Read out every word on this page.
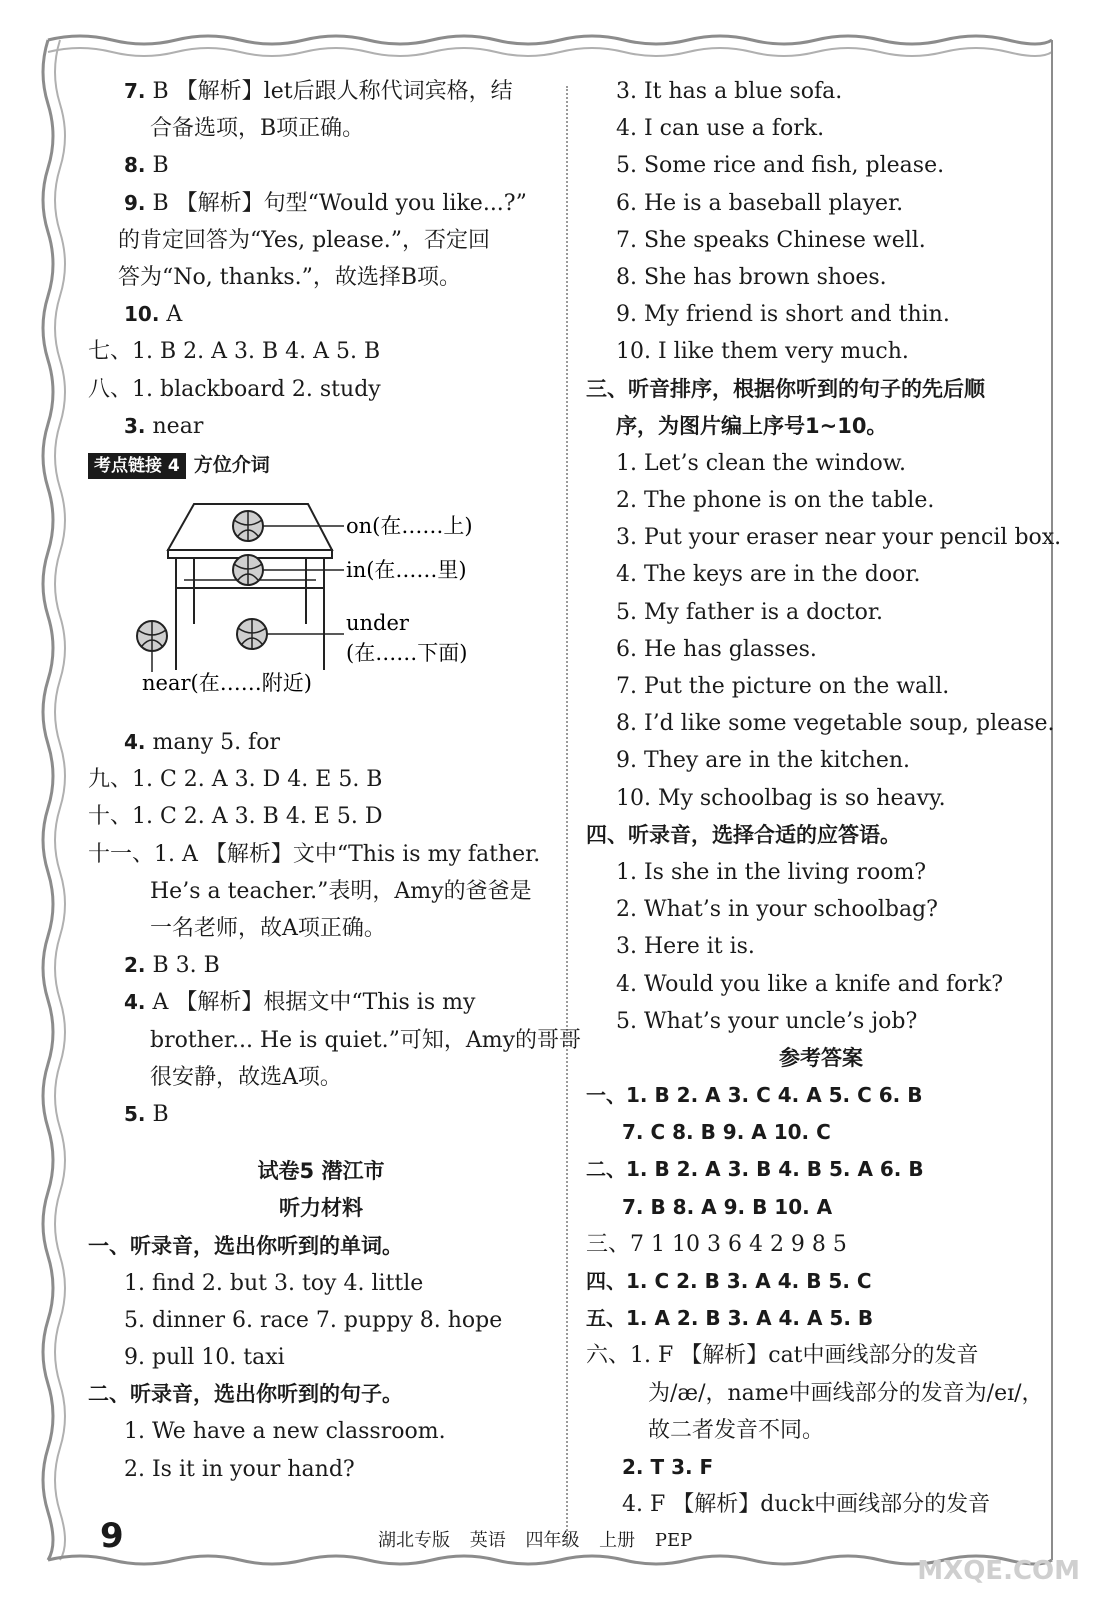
7. B 【解析】let后跟人称代词宾格，结
合备选项，B项正确。
8. B
9. B 【解析】句型“Would you like...?”
的肯定回答为“Yes, please.”，否定回
答为“No, thanks.”，故选择B项。
10. A
七、1. B 2. A 3. B 4. A 5. B
八、1. blackboard 2. study
3. near
考点链接 4 方位介词
on(在……上)
in(在……里)
under
(在……下面)
near(在……附近)
4. many 5. for
九、1. C 2. A 3. D 4. E 5. B
十、1. C 2. A 3. B 4. E 5. D
十一、1. A 【解析】文中“This is my father.
He’s a teacher.”表明，Amy的爸爸是
一名老师，故A项正确。
2. B 3. B
4. A 【解析】根据文中“This is my
brother... He is quiet.”可知，Amy的哥哥
很安静，故选A项。
5. B
试卷5 潜江市
听力材料
一、听录音，选出你听到的单词。
1. find 2. but 3. toy 4. little
5. dinner 6. race 7. puppy 8. hope
9. pull 10. taxi
二、听录音，选出你听到的句子。
1. We have a new classroom.
2. Is it in your hand?
3. It has a blue sofa.
4. I can use a fork.
5. Some rice and fish, please.
6. He is a baseball player.
7. She speaks Chinese well.
8. She has brown shoes.
9. My friend is short and thin.
10. I like them very much.
三、听音排序，根据你听到的句子的先后顺
序，为图片编上序号1~10。
1. Let’s clean the window.
2. The phone is on the table.
3. Put your eraser near your pencil box.
4. The keys are in the door.
5. My father is a doctor.
6. He has glasses.
7. Put the picture on the wall.
8. I’d like some vegetable soup, please.
9. They are in the kitchen.
10. My schoolbag is so heavy.
四、听录音，选择合适的应答语。
1. Is she in the living room?
2. What’s in your schoolbag?
3. Here it is.
4. Would you like a knife and fork?
5. What’s your uncle’s job?
参考答案
一、1. B 2. A 3. C 4. A 5. C 6. B
7. C 8. B 9. A 10. C
二、1. B 2. A 3. B 4. B 5. A 6. B
7. B 8. A 9. B 10. A
三、7 1 10 3 6 4 2 9 8 5
四、1. C 2. B 3. A 4. B 5. C
五、1. A 2. B 3. A 4. A 5. B
六、1. F 【解析】cat中画线部分的发音
为/æ/，name中画线部分的发音为/eɪ/，
故二者发音不同。
2. T 3. F
4. F 【解析】duck中画线部分的发音
9	湖北专版 英语 四年级 上册 PEP
MXQE.COM
